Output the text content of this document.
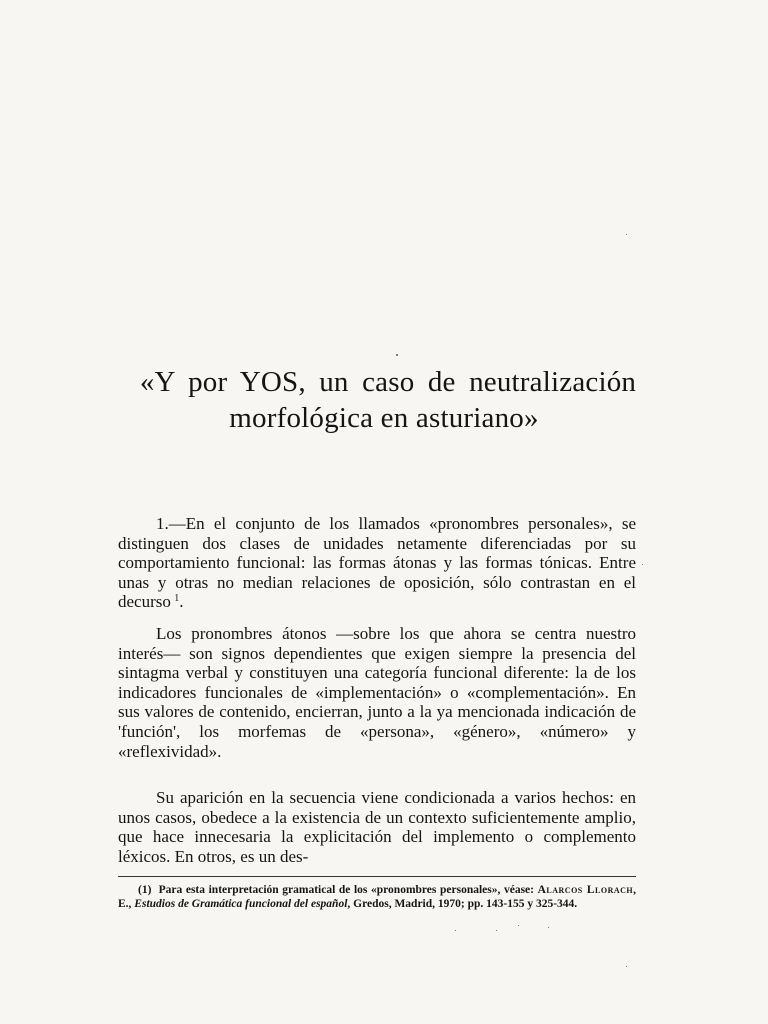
«Y por YOS, un caso de neutralización
morfológica en asturiano»

1.—En el conjunto de los llamados «pronombres personales», se distinguen dos clases de unidades netamente diferenciadas por su comportamiento funcional: las formas átonas y las formas tónicas. Entre unas y otras no median relaciones de oposición, sólo contrastan en el decurso  $^1$.

Los pronombres átonos —sobre los que ahora se centra nuestro interés— son signos dependientes que exigen siempre la presencia del sintagma verbal y constituyen una categoría funcional diferente: la de los indicadores funcionales de «implementación» o «complementación». En sus valores de contenido, encierran, junto a la ya mencionada indicación de 'función', los morfemas de «persona», «género», «número» y «reflexividad».

Su aparición en la secuencia viene condicionada a varios hechos: en unos casos, obedece a la existencia de un contexto suficientemente amplio, que hace innecesaria la explicitación del implemento o complemento léxicos. En otros, es un des-

(1) Para esta interpretación gramatical de los «pronombres personales», véase: Alarcos Llorach, E., Estudios de Gramática funcional del español, Gredos, Madrid, 1970; pp. 143-155 y 325-344.
